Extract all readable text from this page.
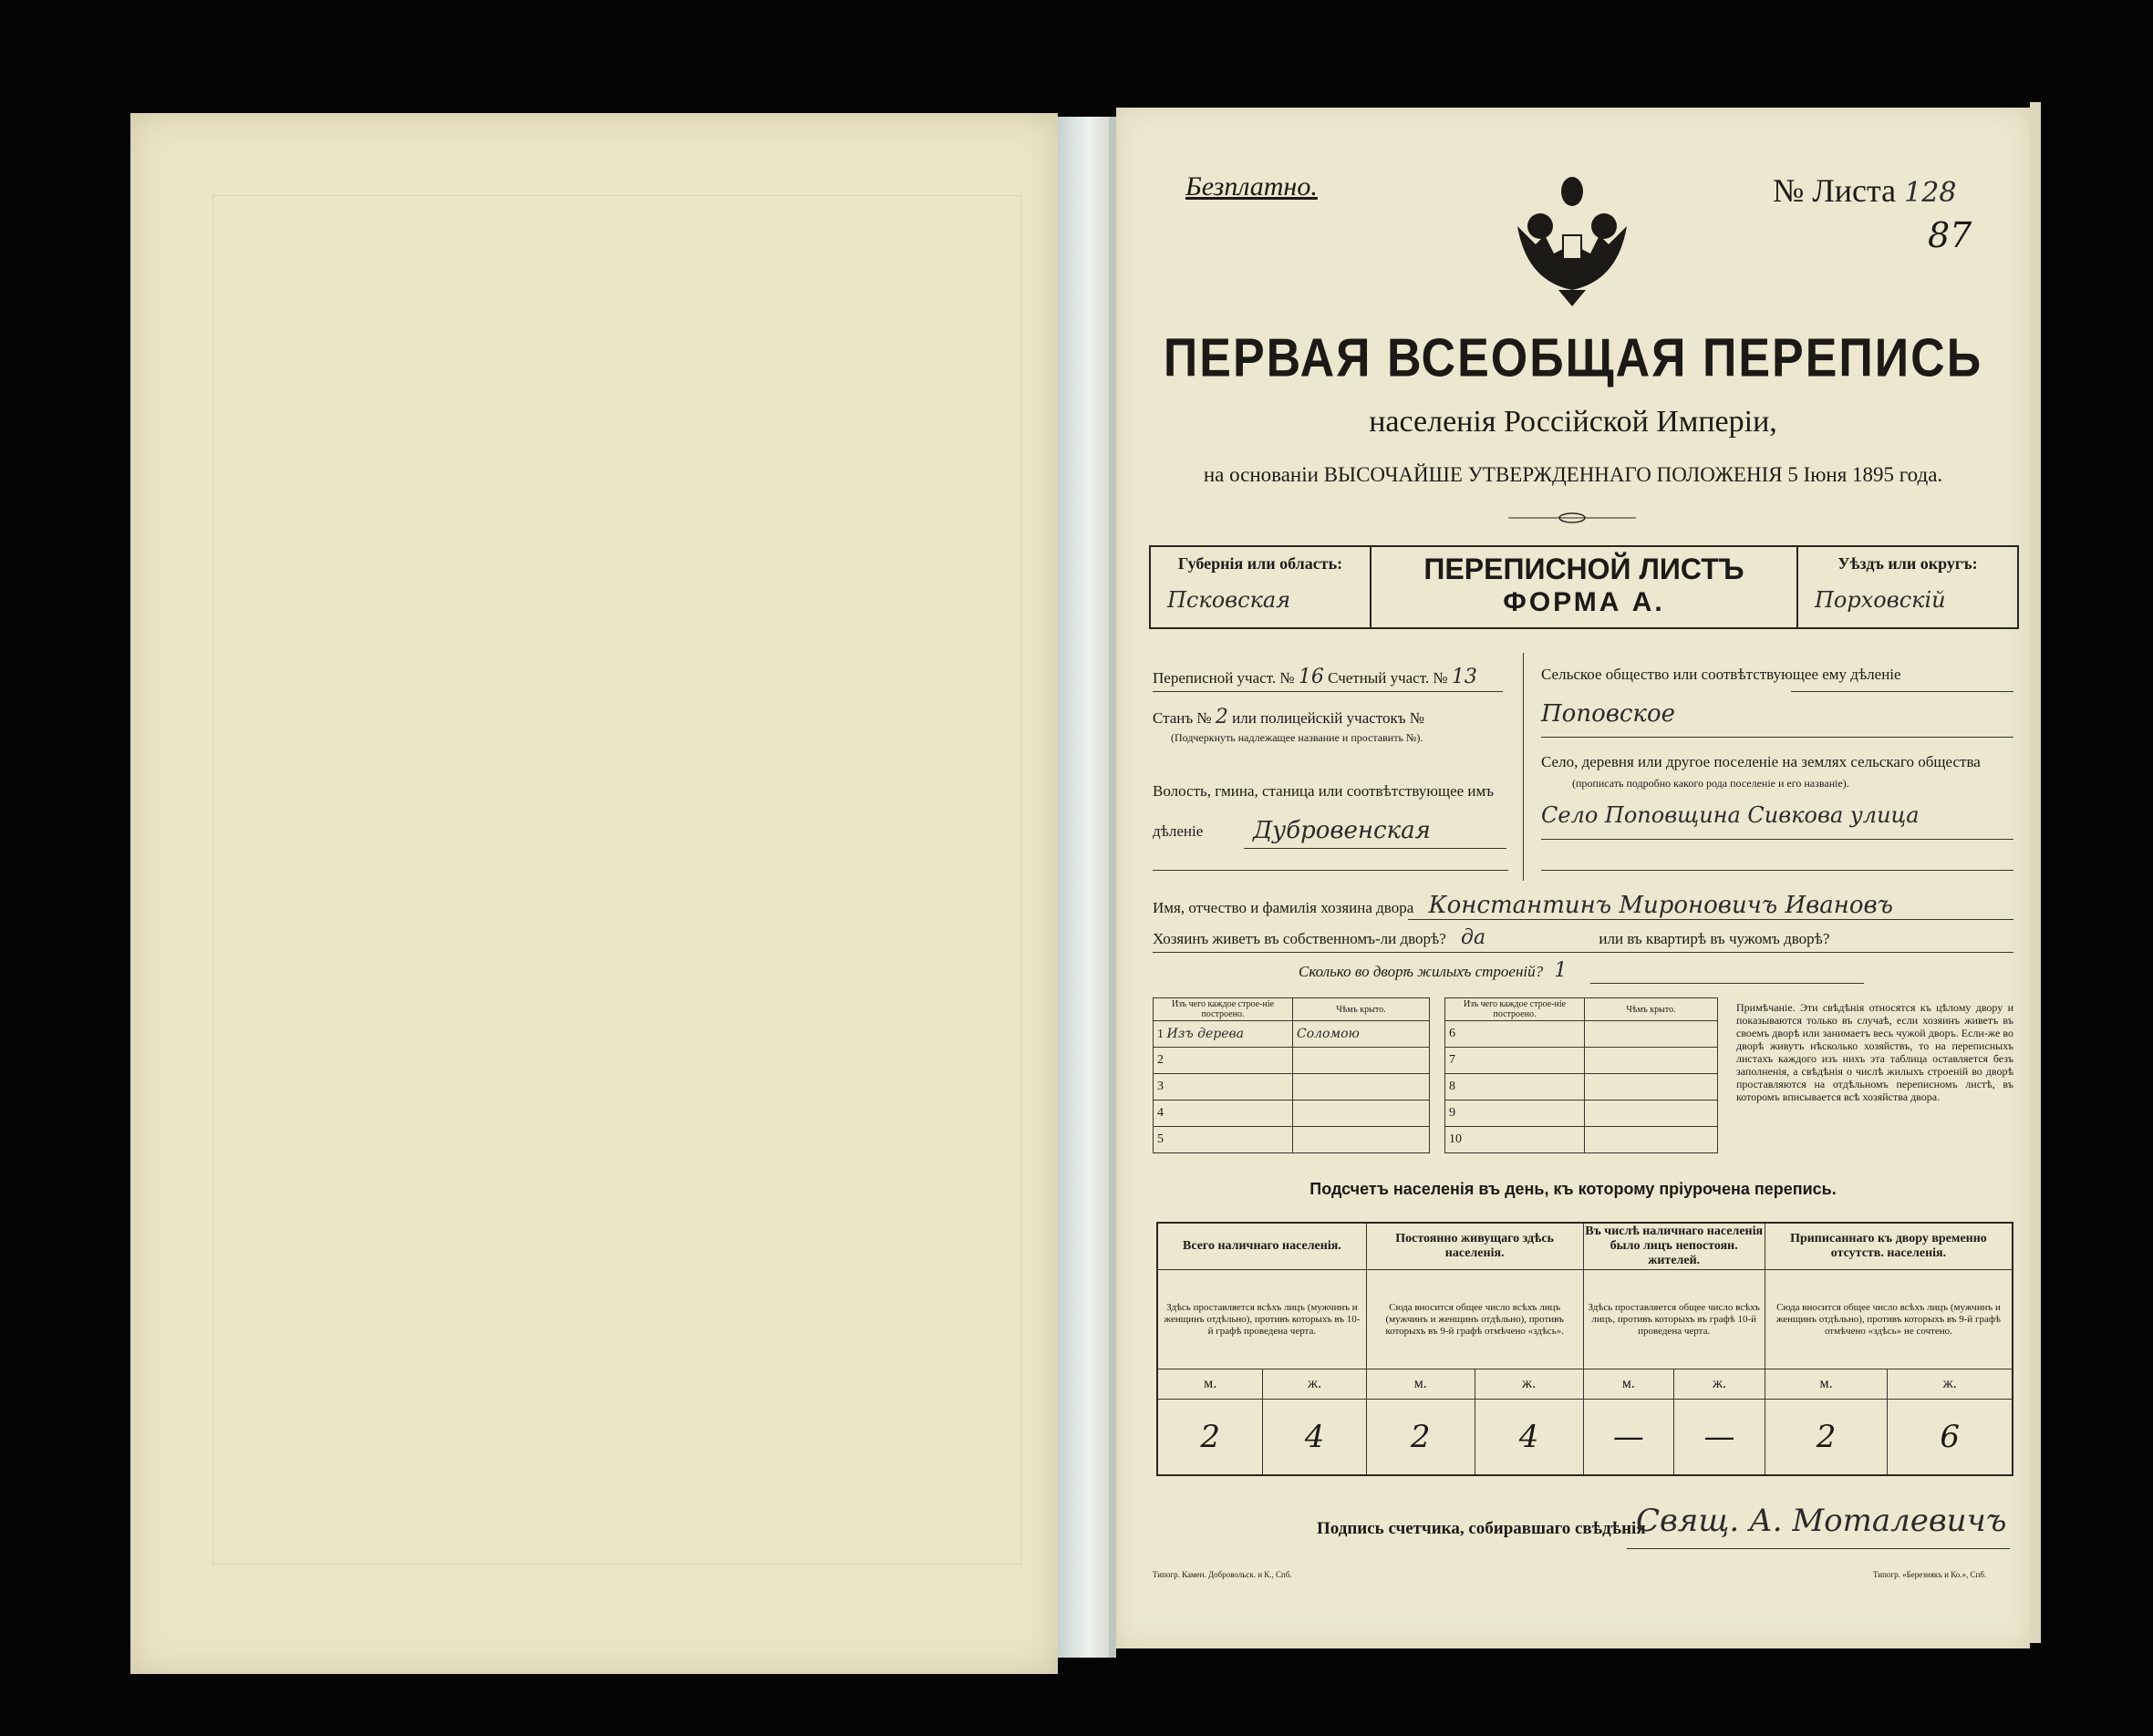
Безплатно.	№ Листа 128
87
ПЕРВАЯ ВСЕОБЩАЯ ПЕРЕПИСЬ
населенія Россійской Имперіи,
на основаніи ВЫСОЧАЙШЕ УТВЕРЖДЕННАГО ПОЛОЖЕНІЯ 5 Іюня 1895 года.
Губернія или область:
Псковская
ПЕРЕПИСНОЙ ЛИСТЪ
ФОРМА А.
Уѣздъ или округъ:
Порховскій
Переписной участ. № 16 Счетный участ. № 13
Станъ № 2 или полицейскій участокъ №
(Подчеркнуть надлежащее название и проставить №).
Волость, гмина, станица или соотвѣтствующее имъ дѣленіе	Дубровенская
Сельское общество или соотвѣтствующее ему дѣленіе
Поповское
Село, деревня или другое поселеніе на землях сельскаго общества
(прописать подробно какого рода поселеніе и его названіе).
Село Поповщина Сивкова улица
Имя, отчество и фамилія хозяина двора Константинъ Мироновичъ Ивановъ
Хозяинъ живетъ въ собственномъ-ли дворѣ? да	или въ квартирѣ въ чужомъ дворѣ?
Сколько во дворѣ жилыхъ строеній? 1
Изъ чего каждое строе-ніе построено.	Чѣмъ крыто.
1 Изъ дерева	Соломою
2	
3	
4	
5	
Изъ чего каждое строе-ніе построено.	Чѣмъ крыто.
6	
7	
8	
9	
10	
Примѣчаніе. Эти свѣдѣнія относятся къ цѣлому двору и показываются только въ случаѣ, если хозяинъ живетъ въ своемъ дворѣ или занимаетъ весь чужой дворъ. Если-же во дворѣ живутъ нѣсколько хозяйствъ, то на переписныхъ листахъ каждого изъ нихъ эта таблица оставляется безъ заполненія, а свѣдѣнія о числѣ жилыхъ строеній во дворѣ проставляются на отдѣльномъ переписномъ листѣ, въ которомъ вписывается всѣ хозяйства двора.
Подсчетъ населенія въ день, къ которому пріурочена перепись.
Всего наличнаго населенія.		Постоянно живущаго здѣсь населенія.		Въ числѣ наличнаго населенія было лицъ непостоян. жителей.		Приписаннаго къ двору временно отсутств. населенія.	
Здѣсь проставляется всѣхъ лицъ (мужчинъ и женщинъ отдѣльно), противъ которыхъ въ 10-й графѣ проведена черта.		Сюда вносится общее число всѣхъ лицъ (мужчинъ и женщинъ отдѣльно), противъ которыхъ въ 9-й графѣ отмѣчено «здѣсь».		Здѣсь проставляется общее число всѣхъ лицъ, противъ которыхъ въ графѣ 10-й проведена черта.		Сюда вносится общее число всѣхъ лицъ (мужчинъ и женщинъ отдѣльно), противъ которыхъ въ 9-й графѣ отмѣчено «здѣсь» не сочтено.	
м.	ж.	м.	ж.	м.	ж.	м.	ж.
2	4	2	4	—	—	2	6
Подпись счетчика, собиравшаго свѣдѣнія
Свящ. А. Моталевичъ
Типогр. Камен. Добровольск. и К., Спб.	Типогр. «Березнякъ и Ко.», Спб.
